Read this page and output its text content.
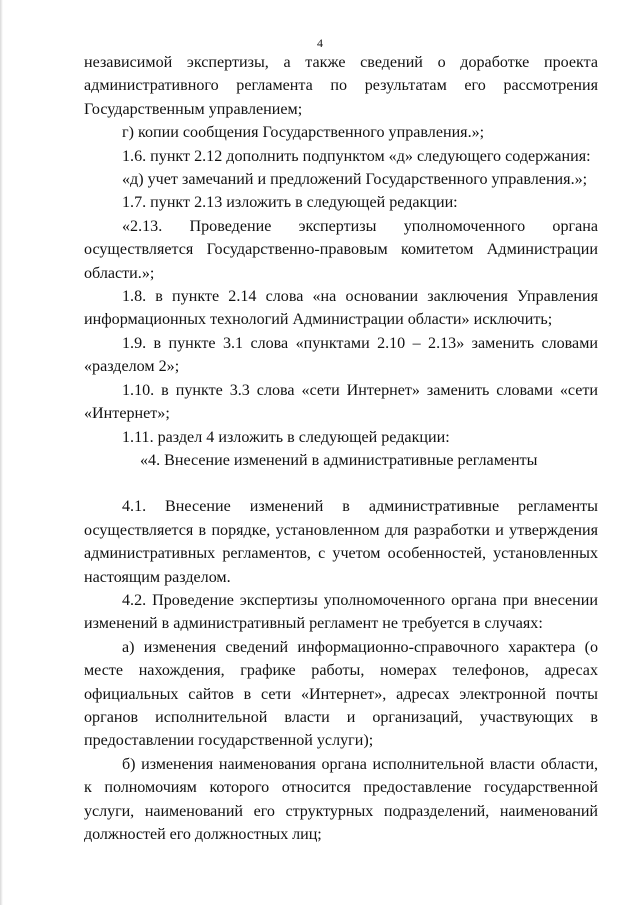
4

независимой экспертизы, а также сведений о доработке проекта административного регламента по результатам его рассмотрения Государственным управлением;

г) копии сообщения Государственного управления.»;

1.6. пункт 2.12 дополнить подпунктом «д» следующего содержания:

«д) учет замечаний и предложений Государственного управления.»;

1.7. пункт 2.13 изложить в следующей редакции:

«2.13. Проведение экспертизы уполномоченного органа осуществляется Государственно-правовым комитетом Администрации области.»;

1.8. в пункте 2.14 слова «на основании заключения Управления информационных технологий Администрации области» исключить;

1.9. в пункте 3.1 слова «пунктами 2.10 – 2.13» заменить словами «разделом 2»;

1.10. в пункте 3.3 слова «сети Интернет» заменить словами «сети «Интернет»;

1.11. раздел 4 изложить в следующей редакции:

«4. Внесение изменений в административные регламенты

4.1. Внесение изменений в административные регламенты осуществляется в порядке, установленном для разработки и утверждения административных регламентов, с учетом особенностей, установленных настоящим разделом.

4.2. Проведение экспертизы уполномоченного органа при внесении изменений в административный регламент не требуется в случаях:

а) изменения сведений информационно-справочного характера (о месте нахождения, графике работы, номерах телефонов, адресах официальных сайтов в сети «Интернет», адресах электронной почты органов исполнительной власти и организаций, участвующих в предоставлении государственной услуги);

б) изменения наименования органа исполнительной власти области, к полномочиям которого относится предоставление государственной услуги, наименований его структурных подразделений, наименований должностей его должностных лиц;
